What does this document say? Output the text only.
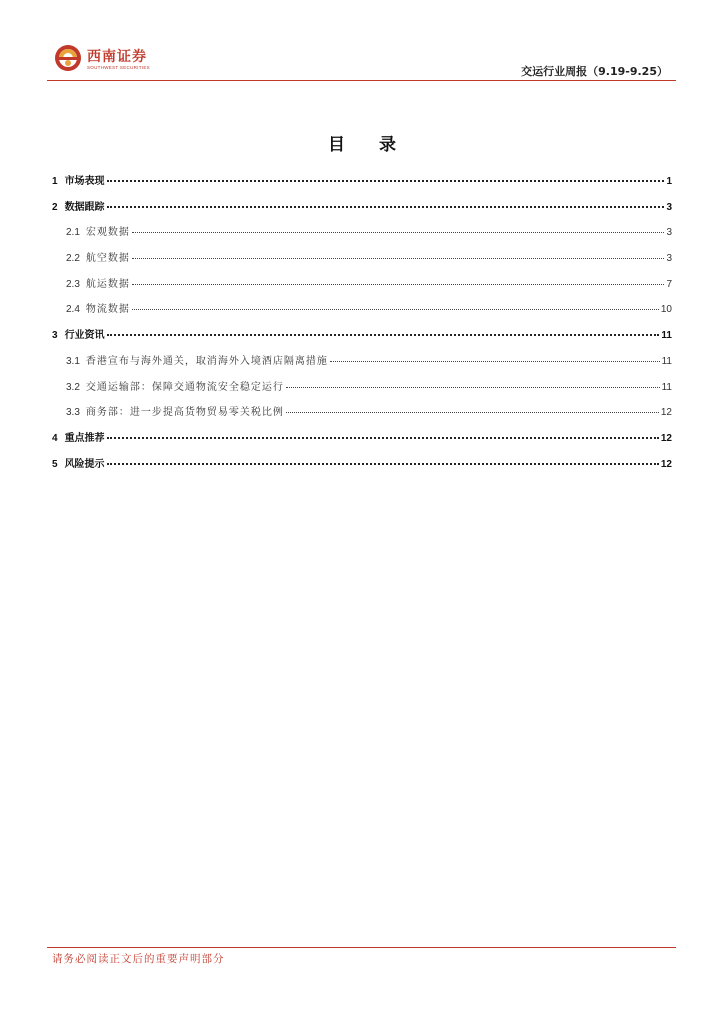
西南证券
SOUTHWEST SECURITIES	交运行业周报（9.19-9.25）
目 录
1 市场表现	1
2 数据跟踪	3
2.1 宏观数据	3
2.2 航空数据	3
2.3 航运数据	7
2.4 物流数据	10
3 行业资讯	11
3.1 香港宣布与海外通关，取消海外入境酒店隔离措施	11
3.2 交通运输部：保障交通物流安全稳定运行	11
3.3 商务部：进一步提高货物贸易零关税比例	12
4 重点推荐	12
5 风险提示	12
请务必阅读正文后的重要声明部分
